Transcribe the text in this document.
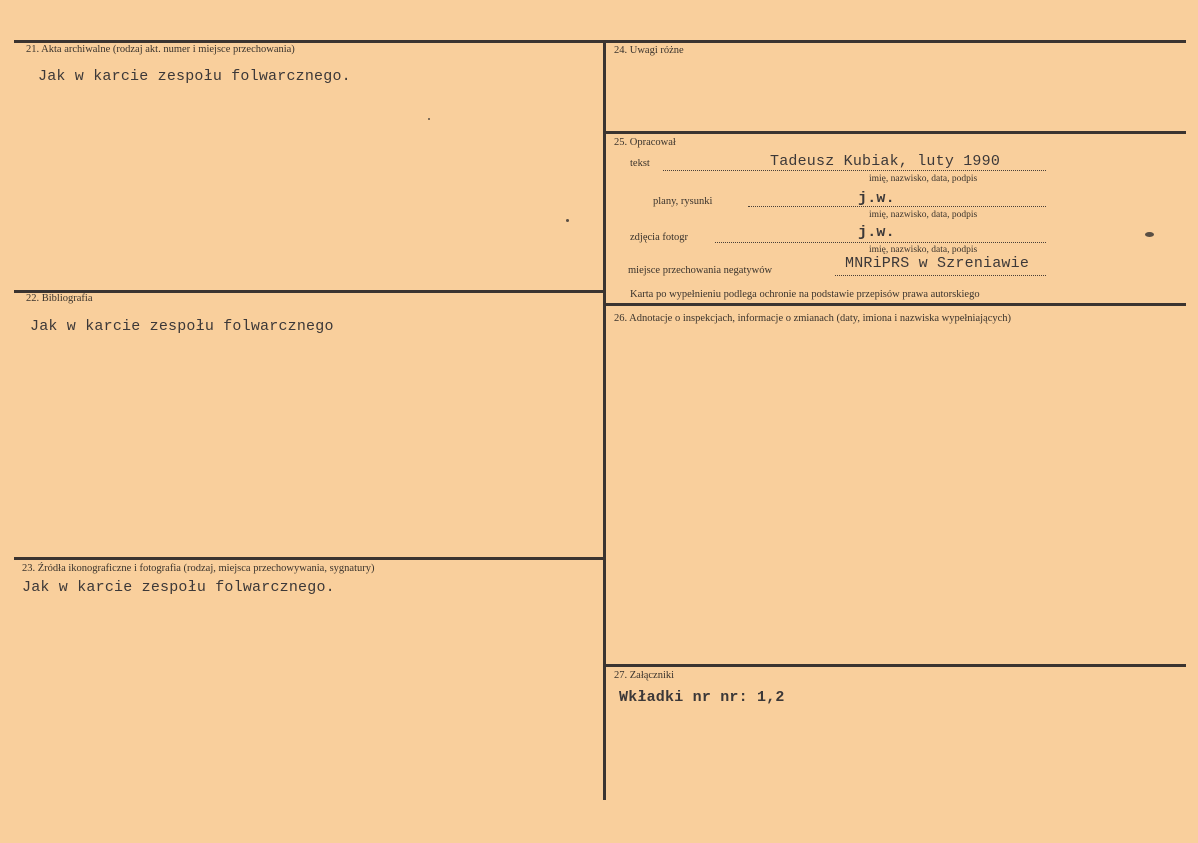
21. Akta archiwalne (rodzaj akt. numer i miejsce przechowania)
Jak w karcie zespołu folwarcznego.
22. Bibliografia
Jak w karcie zespołu folwarcznego
23. Źródła ikonograficzne i fotografia (rodzaj, miejsca przechowywania, sygnatury)
Jak w karcie zespołu folwarcznego.
24. Uwagi różne
25. Opracował
tekst	Tadeusz Kubiak, luty 1990
imię, nazwisko, data, podpis
plany, rysunki	j.w.
imię, nazwisko, data, podpis
zdjęcia fotogr	j.w.
imię, nazwisko, data, podpis
miejsce przechowania negatywów	MNRiPRS w Szreniawie
Karta po wypełnieniu podlega ochronie na podstawie przepisów prawa autorskiego
26. Adnotacje o inspekcjach, informacje o zmianach (daty, imiona i nazwiska wypełniających)
27. Załączniki
Wkładki nr nr: 1,2
